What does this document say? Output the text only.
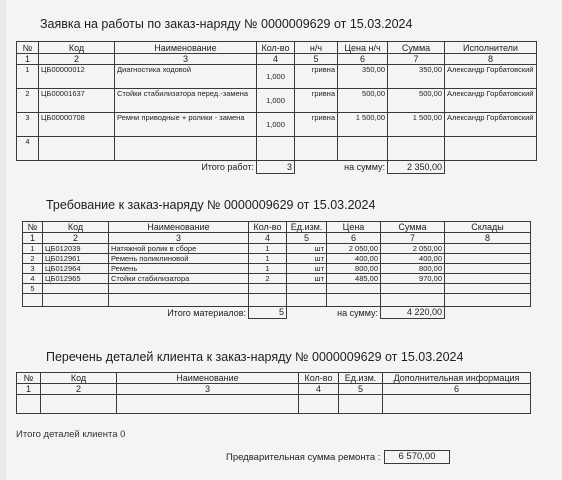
Заявка на работы по заказ-наряду № 0000009629 от 15.03.2024
№	Код	Наименование	Кол-во	н/ч	Цена н/ч	Сумма	Исполнители
1	2	3	4	5	6	7	8
1	ЦБ00000012	Диагностика ходовой	1,000	гривна	350,00	350,00	Александр Горбатовский
2	ЦБ00001637	Стойки стабилизатора перед.-замена	1,000	гривна	500,00	500,00	Александр Горбатовский
3	ЦБ00000708	Ремни приводные + ролики - замена	1,000	гривна	1 500,00	1 500,00	Александр Горбатовский
4							
		Итого работ:	3		на сумму:	2 350,00	
Требование к заказ-наряду № 0000009629 от 15.03.2024
№	Код	Наименование	Кол-во	Ед.изм.	Цена	Сумма	Склады
1	2	3	4	5	6	7	8
1	ЦБ012039	Натяжной ролик в сборе	1	шт	2 050,00	2 050,00	
2	ЦБ012961	Ремень поликлиновой	1	шт	400,00	400,00	
3	ЦБ012964	Ремень	1	шт	800,00	800,00	
4	ЦБ012965	Стойки стабилизатора	2	шт	485,00	970,00	
5							

		Итого материалов:	5		на сумму:	4 220,00	
Перечень деталей клиента к заказ-наряду № 0000009629 от 15.03.2024
№	Код	Наименование	Кол-во	Ед.изм.	Дополнительная информация
1	2	3	4	5	6

Итого деталей клиента 0
Предварительная сумма ремонта :	6 570,00
